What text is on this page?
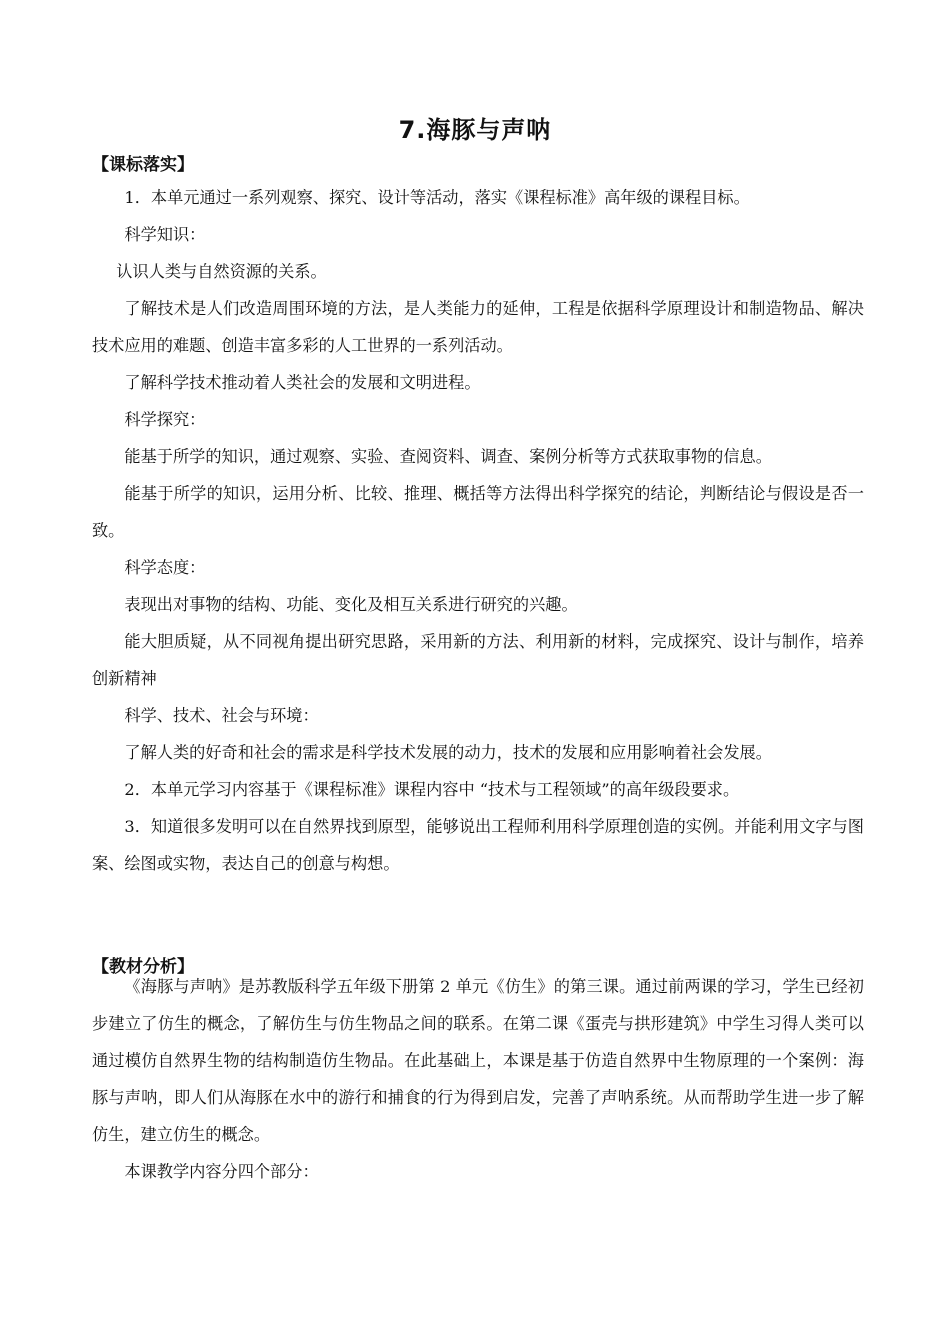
7.海豚与声呐
【课标落实】

1．本单元通过一系列观察、探究、设计等活动，落实《课程标准》高年级的课程目标。

科学知识：

认识人类与自然资源的关系。

了解技术是人们改造周围环境的方法，是人类能力的延伸，工程是依据科学原理设计和制造物品、解决技术应用的难题、创造丰富多彩的人工世界的一系列活动。

了解科学技术推动着人类社会的发展和文明进程。

科学探究：

能基于所学的知识，通过观察、实验、查阅资料、调查、案例分析等方式获取事物的信息。

能基于所学的知识，运用分析、比较、推理、概括等方法得出科学探究的结论，判断结论与假设是否一致。

科学态度：

表现出对事物的结构、功能、变化及相互关系进行研究的兴趣。

能大胆质疑，从不同视角提出研究思路，采用新的方法、利用新的材料，完成探究、设计与制作，培养创新精神

科学、技术、社会与环境：

了解人类的好奇和社会的需求是科学技术发展的动力，技术的发展和应用影响着社会发展。

2．本单元学习内容基于《课程标准》课程内容中 “技术与工程领域”的高年级段要求。

3．知道很多发明可以在自然界找到原型，能够说出工程师利用科学原理创造的实例。并能利用文字与图案、绘图或实物，表达自己的创意与构想。

【教材分析】

《海豚与声呐》是苏教版科学五年级下册第 2 单元《仿生》的第三课。通过前两课的学习，学生已经初步建立了仿生的概念，了解仿生与仿生物品之间的联系。在第二课《蛋壳与拱形建筑》中学生习得人类可以通过模仿自然界生物的结构制造仿生物品。在此基础上，本课是基于仿造自然界中生物原理的一个案例：海豚与声呐，即人们从海豚在水中的游行和捕食的行为得到启发，完善了声呐系统。从而帮助学生进一步了解仿生，建立仿生的概念。

本课教学内容分四个部分：
